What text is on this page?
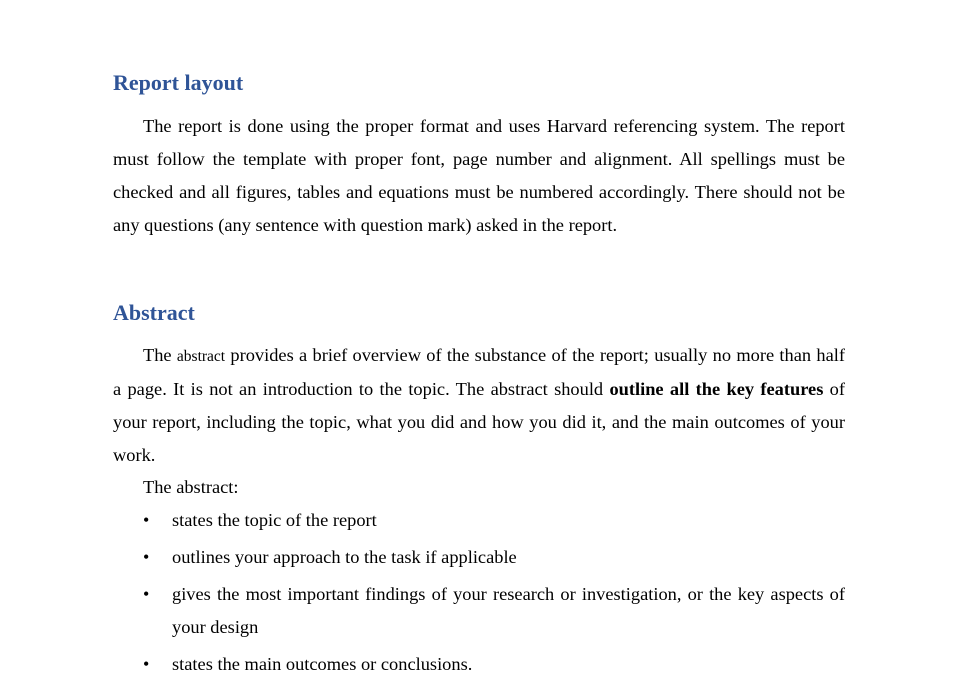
Report layout

The report is done using the proper format and uses Harvard referencing system. The report must follow the template with proper font, page number and alignment. All spellings must be checked and all figures, tables and equations must be numbered accordingly. There should not be any questions (any sentence with question mark) asked in the report.

Abstract

The abstract provides a brief overview of the substance of the report; usually no more than half a page. It is not an introduction to the topic. The abstract should outline all the key features of your report, including the topic, what you did and how you did it, and the main outcomes of your work.

The abstract:

•	states the topic of the report
•	outlines your approach to the task if applicable
•	gives the most important findings of your research or investigation, or the key aspects of your design
•	states the main outcomes or conclusions.
